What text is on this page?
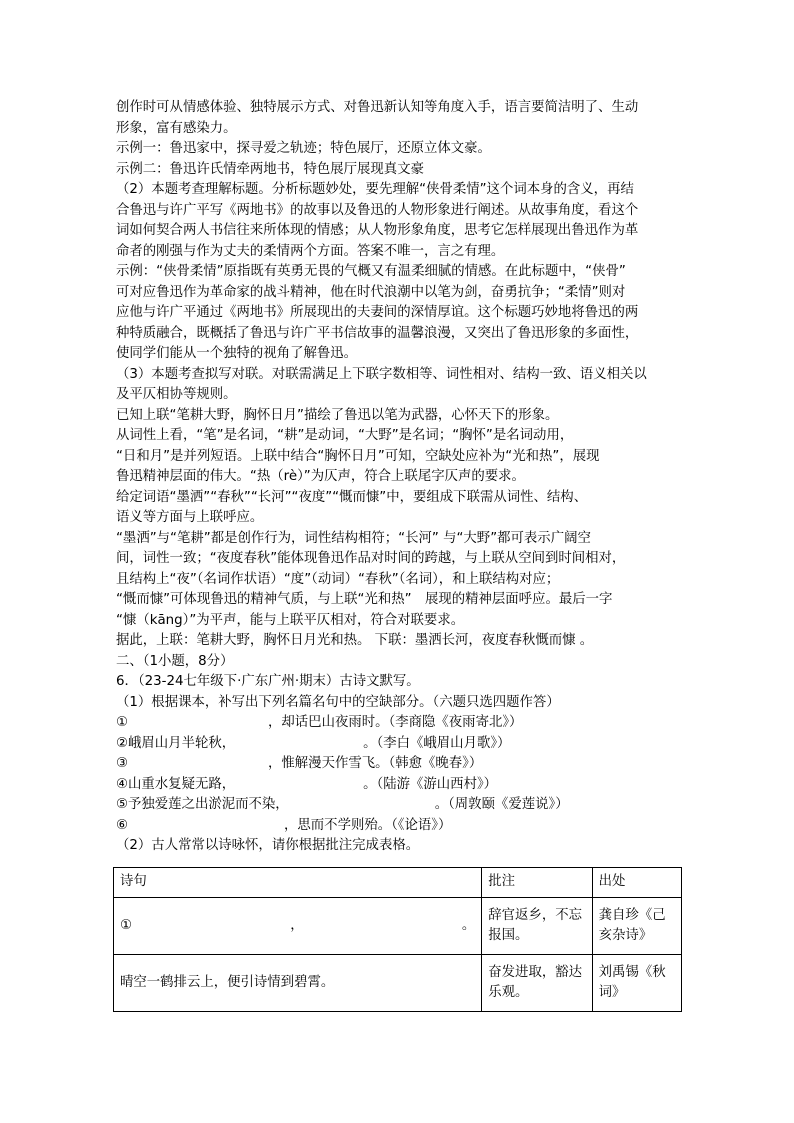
创作时可从情感体验、独特展示方式、对鲁迅新认知等角度入手，语言要简洁明了、生动

形象，富有感染力。

示例一：鲁迅家中，探寻爱之轨迹；特色展厅，还原立体文豪。

示例二：鲁迅许氏情牵两地书，特色展厅展现真文豪

（2）本题考查理解标题。分析标题妙处，要先理解“侠骨柔情”这个词本身的含义，再结

合鲁迅与许广平写《两地书》的故事以及鲁迅的人物形象进行阐述。从故事角度，看这个

词如何契合两人书信往来所体现的情感；从人物形象角度，思考它怎样展现出鲁迅作为革

命者的刚强与作为丈夫的柔情两个方面。答案不唯一，言之有理。

示例：“侠骨柔情”原指既有英勇无畏的气概又有温柔细腻的情感。在此标题中，“侠骨”

可对应鲁迅作为革命家的战斗精神，他在时代浪潮中以笔为剑，奋勇抗争；“柔情”则对

应他与许广平通过《两地书》所展现出的夫妻间的深情厚谊。这个标题巧妙地将鲁迅的两

种特质融合，既概括了鲁迅与许广平书信故事的温馨浪漫，又突出了鲁迅形象的多面性，

使同学们能从一个独特的视角了解鲁迅。

（3）本题考查拟写对联。对联需满足上下联字数相等、词性相对、结构一致、语义相关以

及平仄相协等规则。

已知上联“笔耕大野，胸怀日月”描绘了鲁迅以笔为武器，心怀天下的形象。

从词性上看，“笔”是名词，“耕”是动词，“大野”是名词；“胸怀”是名词动用，

“日和月”是并列短语。上联中结合“胸怀日月”可知，空缺处应补为“光和热”，展现

鲁迅精神层面的伟大。“热（rè）”为仄声，符合上联尾字仄声的要求。

给定词语“墨洒”“春秋”“长河”“夜度”“慨而慷”中，要组成下联需从词性、结构、

语义等方面与上联呼应。

“墨洒”与“笔耕”都是创作行为，词性结构相符；“长河” 与“大野”都可表示广阔空

间，词性一致；“夜度春秋”能体现鲁迅作品对时间的跨越，与上联从空间到时间相对，

且结构上“夜”（名词作状语）“度”（动词）“春秋”（名词），和上联结构对应；

“慨而慷”可体现鲁迅的精神气质，与上联“光和热”　展现的精神层面呼应。最后一字

“慷（kāng）”为平声，能与上联平仄相对，符合对联要求。

据此，上联：笔耕大野，胸怀日月光和热。 下联：墨洒长河，夜度春秋慨而慷 。

二、（1小题，8分）

6．（23-24七年级下·广东广州·期末）古诗文默写。

（1）根据课本，补写出下列名篇名句中的空缺部分。（六题只选四题作答）

①	，却话巴山夜雨时。（李商隐《夜雨寄北》）

②峨眉山月半轮秋，	。（李白《峨眉山月歌》）

③	，惟解漫天作雪飞。（韩愈《晚春》）

④山重水复疑无路，	。（陆游《游山西村》）

⑤予独爱莲之出淤泥而不染，	。（周敦颐《爱莲说》）

⑥	，思而不学则殆。（《论语》）

（2）古人常常以诗咏怀，请你根据批注完成表格。

诗句	批注	出处

① ， 。	辞官返乡，不忘报国。	龚自珍《己亥杂诗》
晴空一鹤排云上，便引诗情到碧霄。	奋发进取，豁达乐观。	刘禹锡《秋词》
